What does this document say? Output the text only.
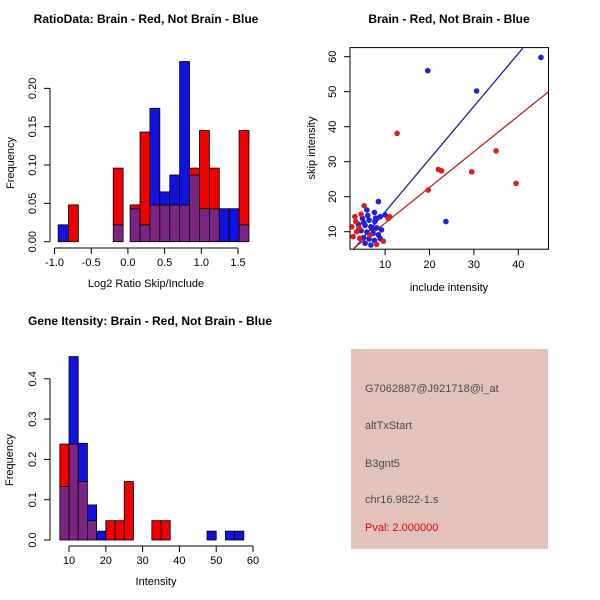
RatioData: Brain - Red, Not Brain - Blue
-1.0 -0.5 0.0 0.5 1.0 1.5
0.00
0.05
0.10
0.15
0.20
Log2 Ratio Skip/Include
Frequency
Brain - Red, Not Brain - Blue
10	20	30	40
10
20
30
40
50
60
include intensity
skip intensity
Gene Itensity: Brain - Red, Not Brain - Blue
10 20 30 40 50 60
0.0
0.1
0.2
0.3
0.4
Intensity
Frequency
G7062887@J921718@i_at
altTxStart
B3gnt5
chr16.9822-1.s
Pval: 2.000000
